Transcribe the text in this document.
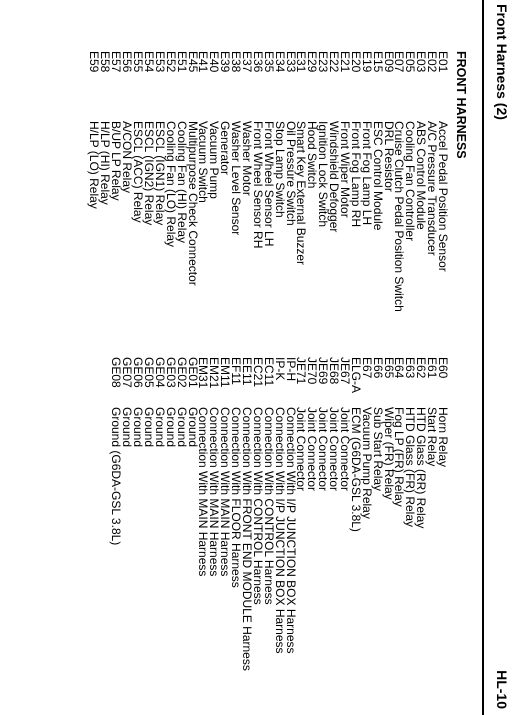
Front Harness (2)
HL-10
FRONT HARNESS
E01Accel Pedal Position Sensor
E02A/C Pressure Transducer
E03ABS Control Module
E05Cooling Fan Controller
E07Cruise Clutch Pedal Position Switch
E09DRL Resistor
E15ESC Control Module
E19Front Fog Lamp LH
E20Front Fog Lamp RH
E21Front Wiper Motor
E22Windshield Defogger
E23Ignition Lock Switch
E29Hood Switch
E31Smart Key External Buzzer
E33Oil Pressure Switch
E34Stop Lamp Switch
E35Front Wheel Sensor LH
E36Front Wheel Sensor RH
E37Washer Motor
E38Washer Level Sensor
E39Generator
E40Vacuum Pump
E41Vacuum Switch
E45Multipurpose Check Connector
E51Cooling Fan (HI) Relay
E52Cooling Fan (LO) Relay
E53ESCL (IGN1) Relay
E54ESCL (IGN2) Relay
E55ESCL (ACC) Relay
E56A/CON Relay
E57B/UP LP Relay
E58H/LP (HI) Relay
E59H/LP (LO) Relay
E60Horn Relay
E61Start Relay
E62HTD Glass (RR) Relay
E63HTD Glass (FR) Relay
E64Fog LP (FR) Relay
E65Wiper (FR) Relay
E66Sub Start Relay
E67Vacuum Pump Relay
ELG-AECM (G6DA-GSL 3.8L)
JE67Joint Connector
JE68Joint Connector
JE69Joint Connector
JE70Joint Connector
JE71Joint Connector
IP-HConnection With I/P JUNCTION BOX Harness
IP-KConnection With I/P JUNCTION BOX Harness
EC11Connection With CONTROL Harness
EC21Connection With CONTROL Harness
EE11Connection With FRONT END MODULE Harness
EF11Connection With FLOOR Harness
EM11Connection With MAIN Harness
EM21Connection With MAIN Harness
EM31Connection With MAIN Harness
GE01Ground
GE02Ground
GE03Ground
GE04Ground
GE05Ground
GE06Ground
GE07Ground
GE08Ground (G6DA-GSL 3.8L)
